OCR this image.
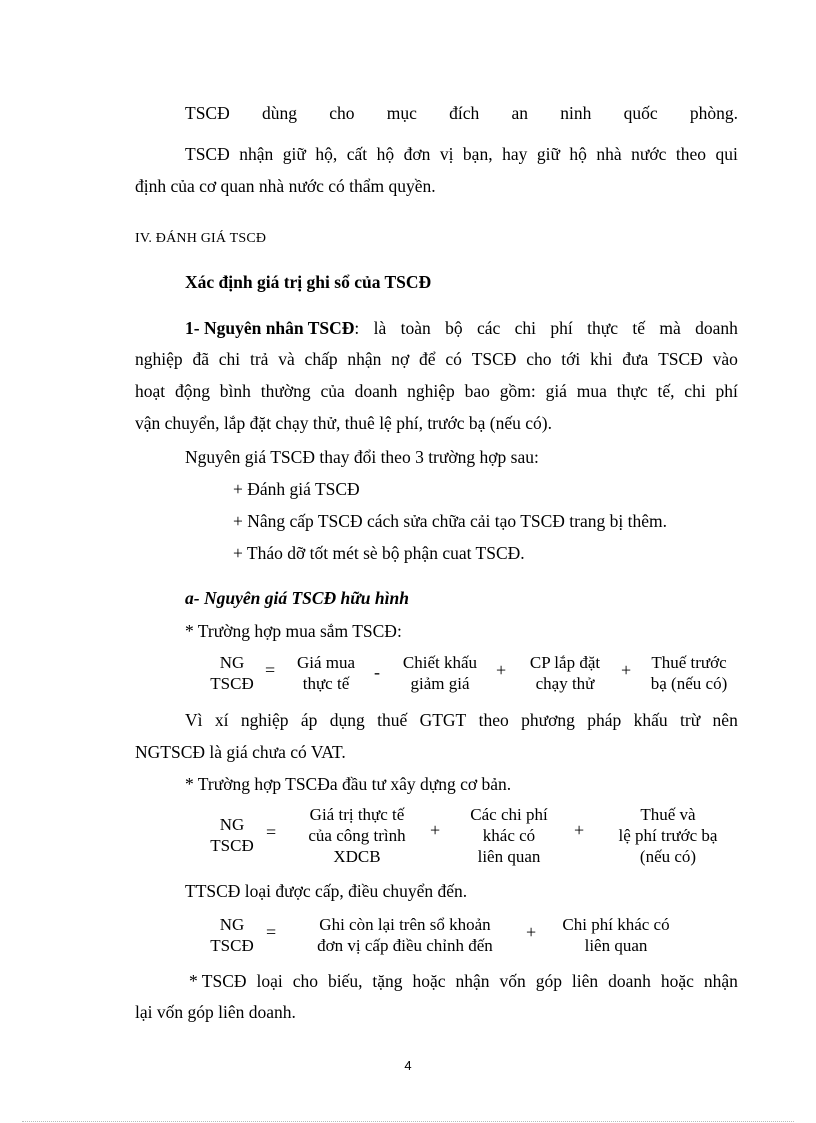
TSCĐ dùng cho mục đích an ninh quốc phòng.
TSCĐ nhận giữ hộ, cất hộ đơn vị bạn, hay giữ hộ nhà nước theo qui
định của cơ quan nhà nước có thẩm quyền.
IV. ĐÁNH GIÁ TSCĐ
Xác định giá trị ghi sổ của TSCĐ
1- Nguyên nhân TSCĐ: là toàn bộ các chi phí thực tế mà doanh
nghiệp đã chi trả và chấp nhận nợ để có TSCĐ cho tới khi đưa TSCĐ vào
hoạt động bình thường của doanh nghiệp bao gồm: giá mua thực tế, chi phí
vận chuyển, lắp đặt chạy thử, thuê lệ phí, trước bạ (nếu có).
Nguyên giá TSCĐ thay đổi theo 3 trường hợp sau:
+ Đánh giá TSCĐ
+ Nâng cấp TSCĐ cách sửa chữa cải tạo TSCĐ trang bị thêm.
+ Tháo dỡ tốt mét sè bộ phận cuat TSCĐ.
a- Nguyên giá TSCĐ hữu hình
* Trường hợp mua sắm TSCĐ:
NG
TSCĐ
=	Giá mua
thực tế
-	Chiết khấu
giảm giá
+	CP lắp đặt
chạy thử
+	Thuế trước
bạ (nếu có)
Vì xí nghiệp áp dụng thuế GTGT theo phương pháp khấu trừ nên
NGTSCĐ là giá chưa có VAT.
* Trường hợp TSCĐa đầu tư xây dựng cơ bản.
NG
TSCĐ
=
Giá trị thực tế
của công trình
XDCB
+
Các chi phí
khác có
liên quan
+
Thuế và
lệ phí trước bạ
(nếu có)
TTSCĐ loại được cấp, điều chuyển đến.
NG
TSCĐ
=	Ghi còn lại trên sổ khoản
đơn vị cấp điều chỉnh đến
+	Chi phí khác có
liên quan
* TSCĐ loại cho biếu, tặng hoặc nhận vốn góp liên doanh hoặc nhận
lại vốn góp liên doanh.
4
